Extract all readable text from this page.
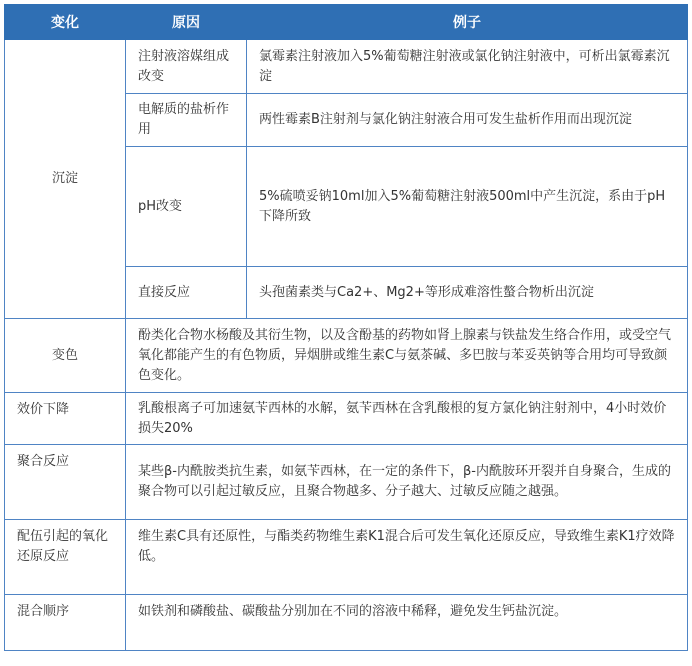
变化	原因	例子
沉淀	注射液溶媒组成改变	氯霉素注射液加入5%葡萄糖注射液或氯化钠注射液中，可析出氯霉素沉淀
	电解质的盐析作用	两性霉素B注射剂与氯化钠注射液合用可发生盐析作用而出现沉淀
	pH改变	5%硫喷妥钠10ml加入5%葡萄糖注射液500ml中产生沉淀，系由于pH下降所致
	直接反应	头孢菌素类与Ca2+、Mg2+等形成难溶性螯合物析出沉淀
变色	酚类化合物水杨酸及其衍生物，以及含酚基的药物如肾上腺素与铁盐发生络合作用，或受空气氧化都能产生的有色物质，异烟肼或维生素C与氨茶碱、多巴胺与苯妥英钠等合用均可导致颜色变化。	
效价下降	乳酸根离子可加速氨苄西林的水解，氨苄西林在含乳酸根的复方氯化钠注射剂中，4小时效价损失20%	
聚合反应	某些β-内酰胺类抗生素，如氨苄西林，在一定的条件下，β-内酰胺环开裂并自身聚合，生成的聚合物可以引起过敏反应，且聚合物越多、分子越大、过敏反应随之越强。	
配伍引起的氧化还原反应	维生素C具有还原性，与酯类药物维生素K1混合后可发生氧化还原反应，导致维生素K1疗效降低。	
混合顺序	如铁剂和磷酸盐、碳酸盐分别加在不同的溶液中稀释，避免发生钙盐沉淀。	
